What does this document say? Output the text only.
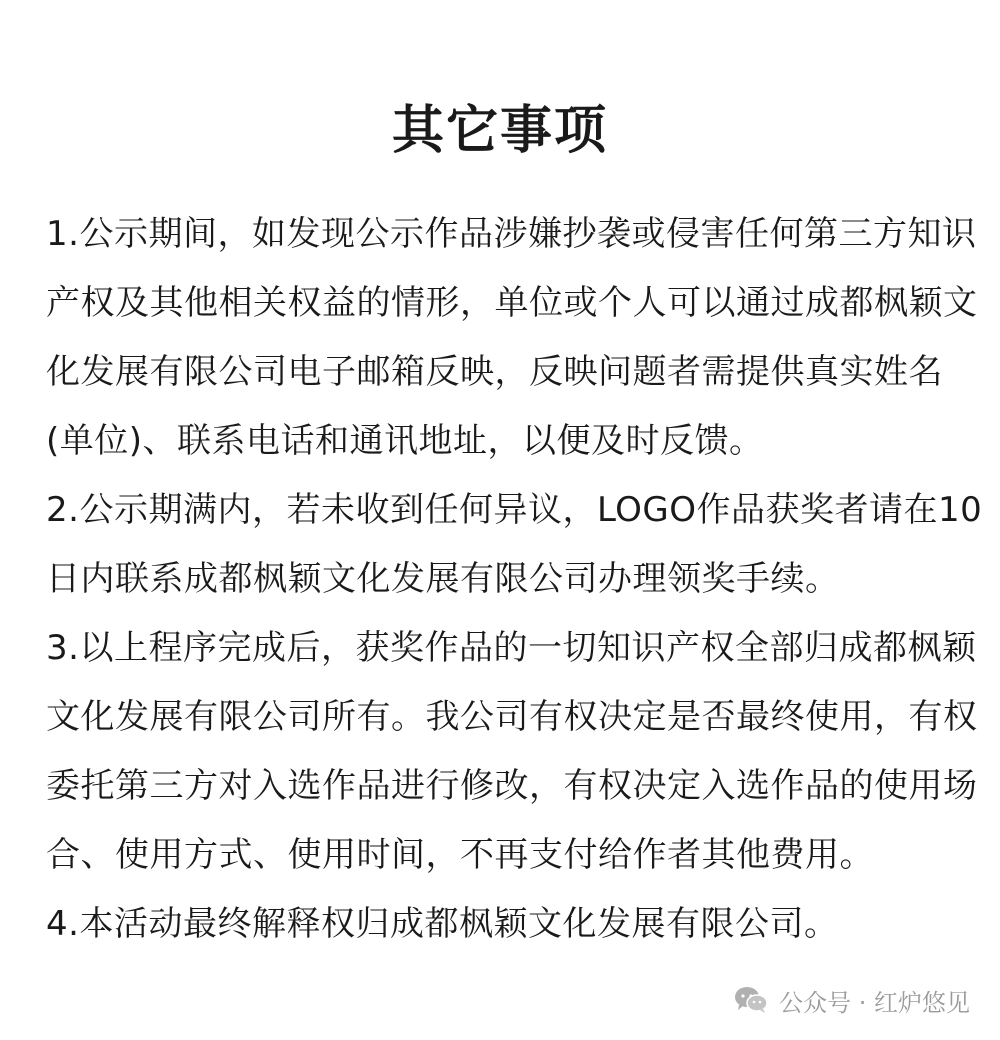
其它事项
1.公示期间，如发现公示作品涉嫌抄袭或侵害任何第三方知识
产权及其他相关权益的情形，单位或个人可以通过成都枫颖文
化发展有限公司电子邮箱反映，反映问题者需提供真实姓名
(单位)、联系电话和通讯地址，以便及时反馈。
2.公示期满内，若未收到任何异议，LOGO作品获奖者请在10
日内联系成都枫颖文化发展有限公司办理领奖手续。
3.以上程序完成后，获奖作品的一切知识产权全部归成都枫颖
文化发展有限公司所有。我公司有权决定是否最终使用，有权
委托第三方对入选作品进行修改，有权决定入选作品的使用场
合、使用方式、使用时间，不再支付给作者其他费用。
4.本活动最终解释权归成都枫颖文化发展有限公司。
公众号 · 红炉悠见
